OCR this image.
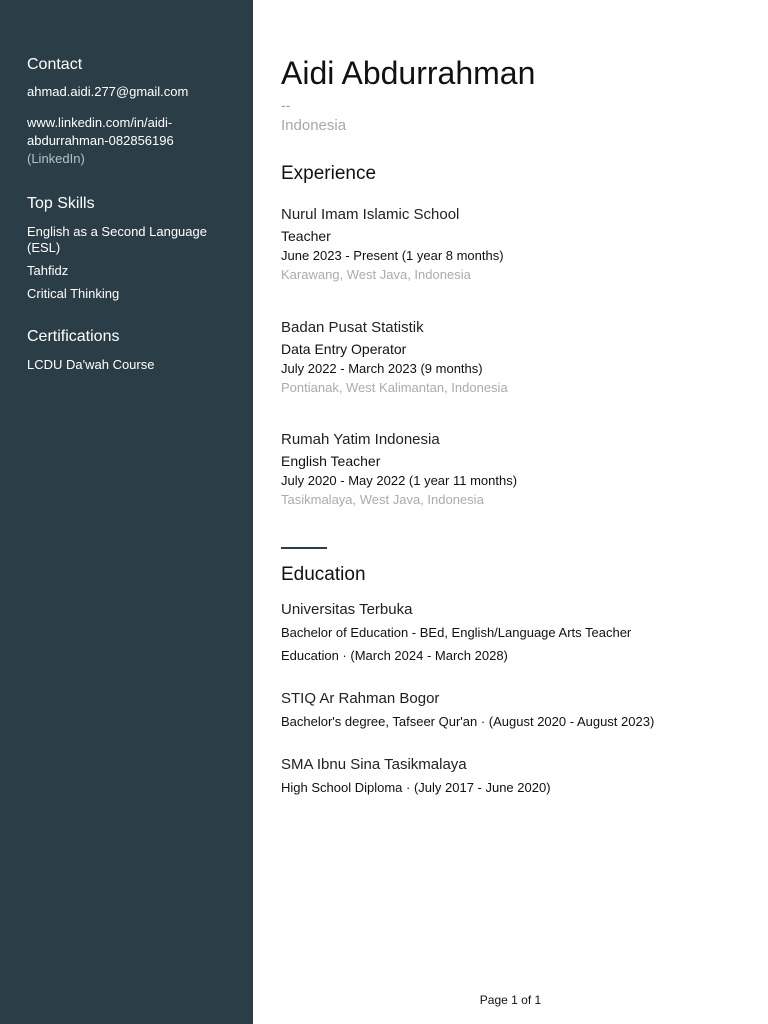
Contact
ahmad.aidi.277@gmail.com
www.linkedin.com/in/aidi-
abdurrahman-082856196
(LinkedIn)
Top Skills
English as a Second Language (ESL)
Tahfidz
Critical Thinking
Certifications
LCDU Da'wah Course
Aidi Abdurrahman
--
Indonesia
Experience
Nurul Imam Islamic School
Teacher
June 2023 - Present (1 year 8 months)
Karawang, West Java, Indonesia
Badan Pusat Statistik
Data Entry Operator
July 2022 - March 2023 (9 months)
Pontianak, West Kalimantan, Indonesia
Rumah Yatim Indonesia
English Teacher
July 2020 - May 2022 (1 year 11 months)
Tasikmalaya, West Java, Indonesia
Education
Universitas Terbuka
Bachelor of Education - BEd, English/Language Arts Teacher
Education · (March 2024 - March 2028)
STIQ Ar Rahman Bogor
Bachelor's degree, Tafseer Qur'an · (August 2020 - August 2023)
SMA Ibnu Sina Tasikmalaya
High School Diploma · (July 2017 - June 2020)
Page 1 of 1
